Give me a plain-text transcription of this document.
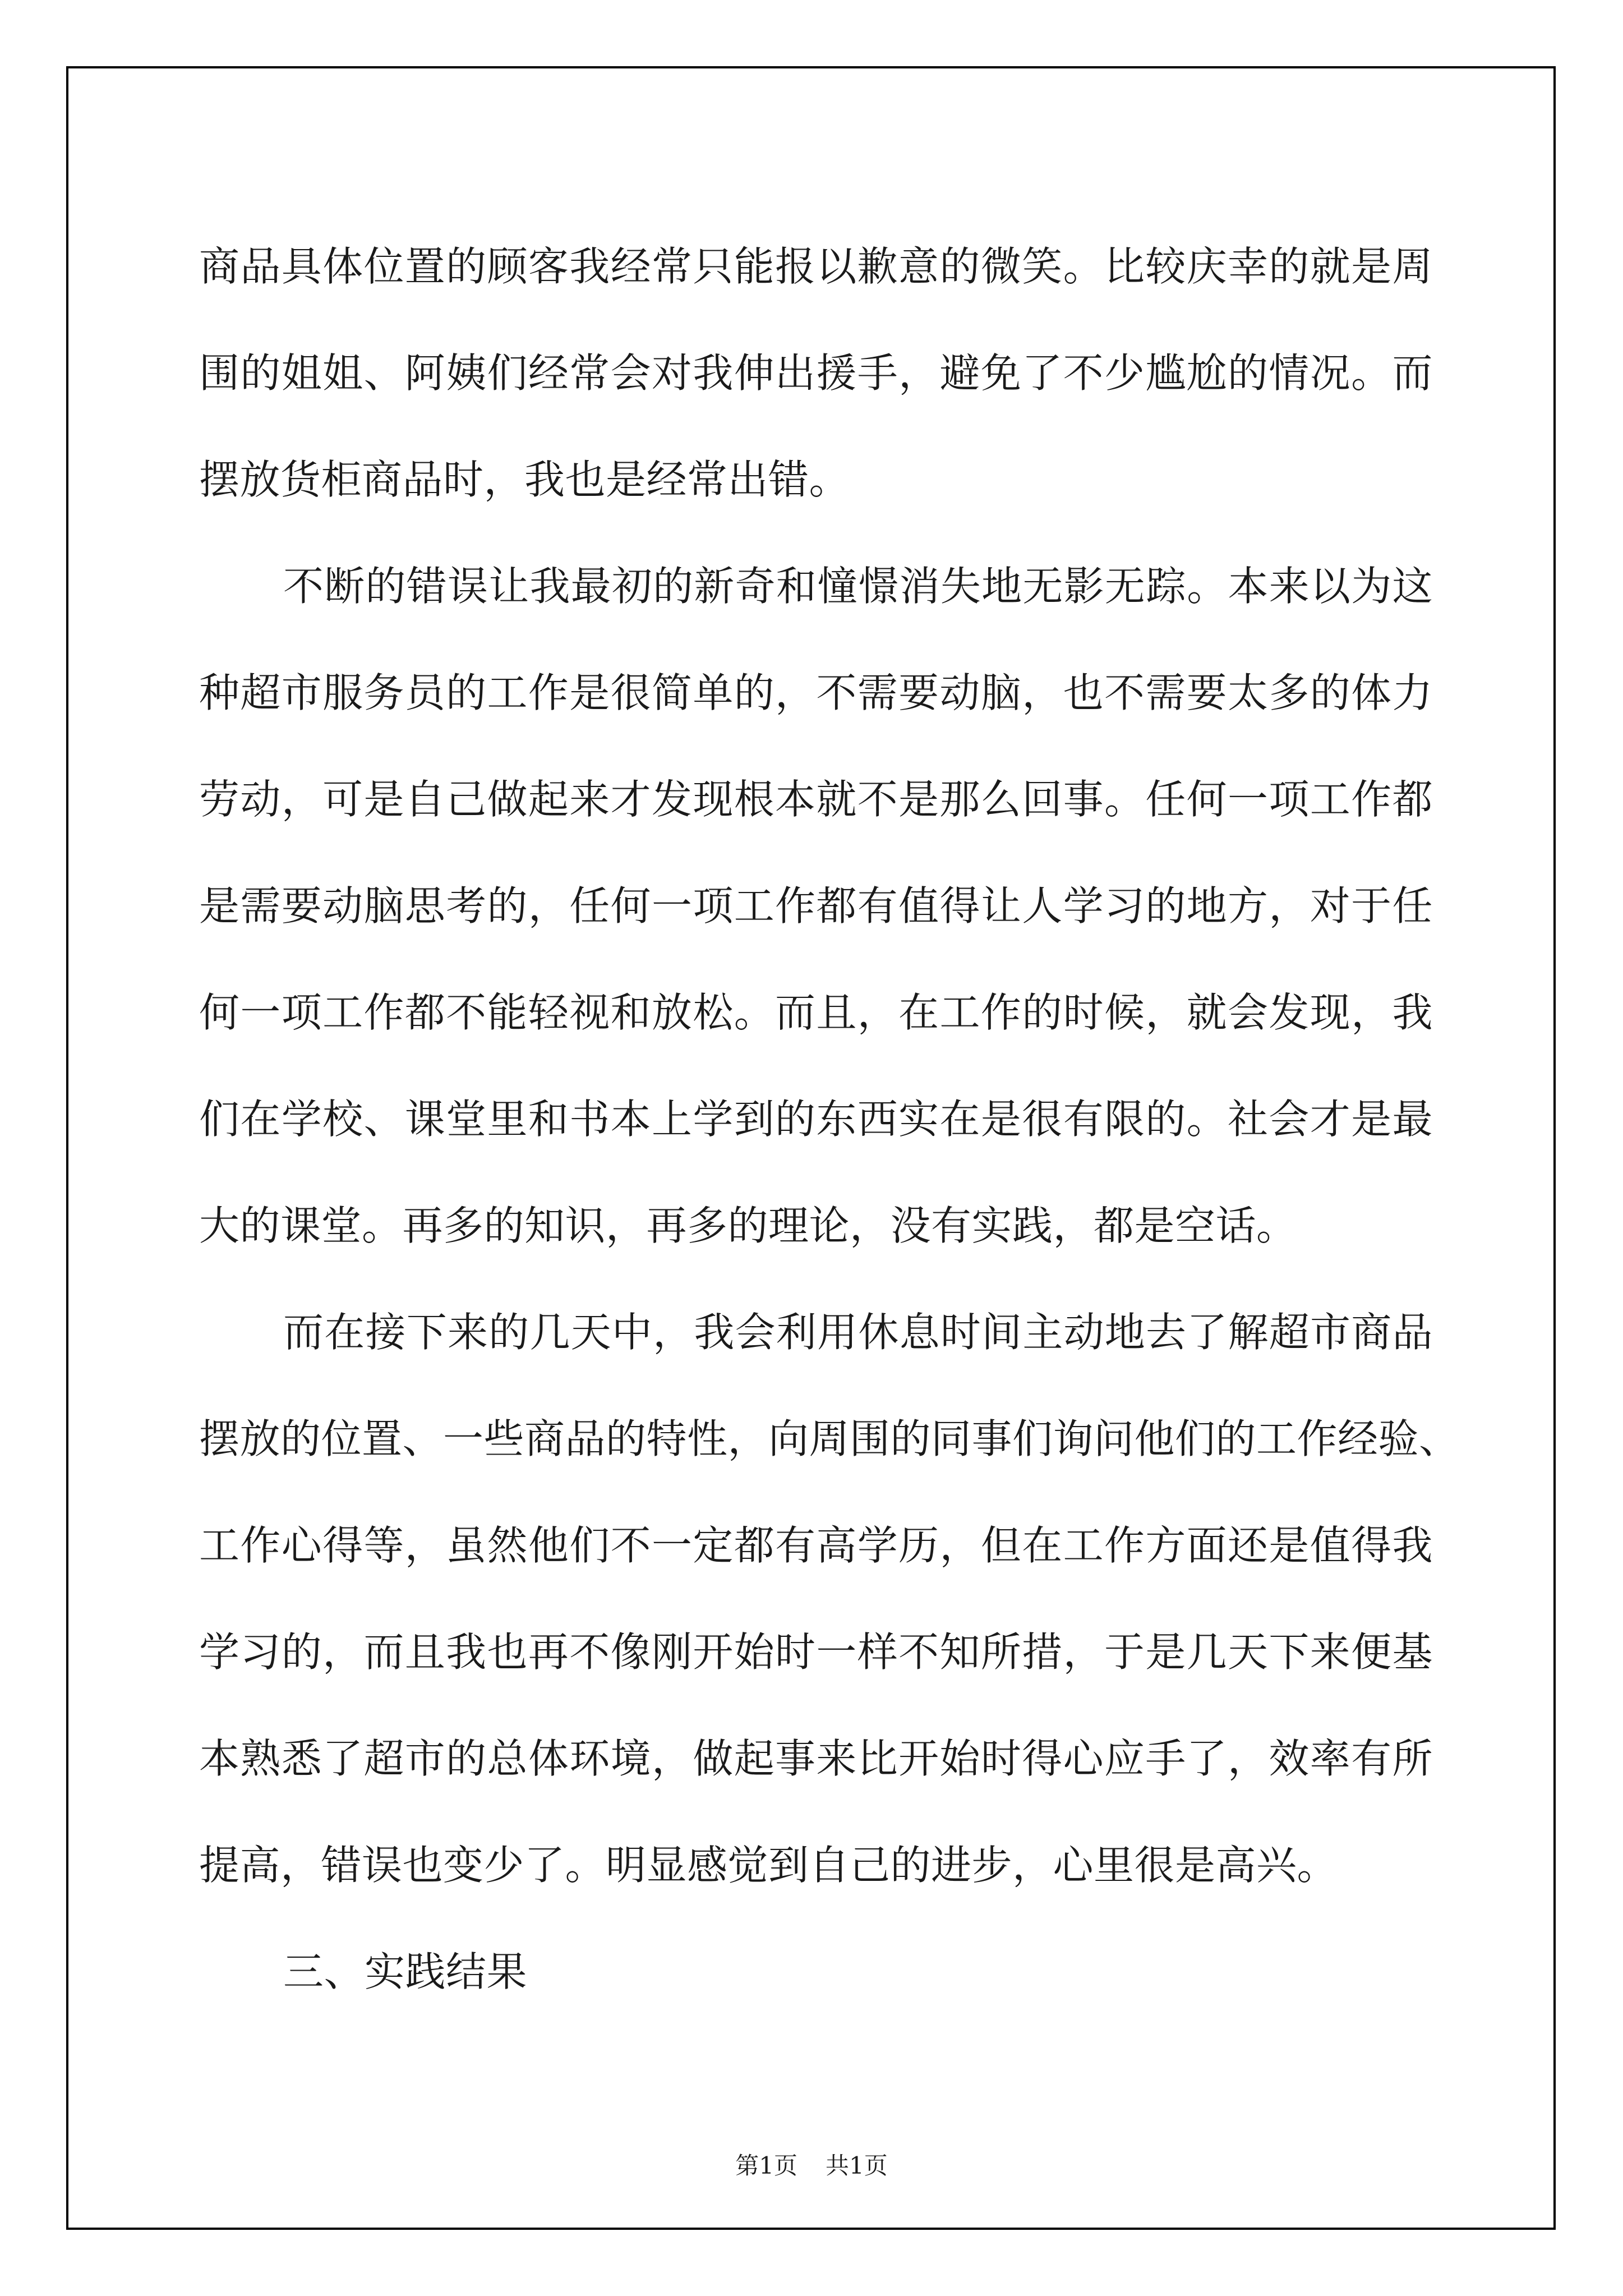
商品具体位置的顾客我经常只能报以歉意的微笑。比较庆幸的就是周
围的姐姐、阿姨们经常会对我伸出援手，避免了不少尴尬的情况。而
摆放货柜商品时，我也是经常出错。
不断的错误让我最初的新奇和憧憬消失地无影无踪。本来以为这
种超市服务员的工作是很简单的，不需要动脑，也不需要太多的体力
劳动，可是自己做起来才发现根本就不是那么回事。任何一项工作都
是需要动脑思考的，任何一项工作都有值得让人学习的地方，对于任
何一项工作都不能轻视和放松。而且，在工作的时候，就会发现，我
们在学校、课堂里和书本上学到的东西实在是很有限的。社会才是最
大的课堂。再多的知识，再多的理论，没有实践，都是空话。
而在接下来的几天中，我会利用休息时间主动地去了解超市商品
摆放的位置、一些商品的特性，向周围的同事们询问他们的工作经验、
工作心得等，虽然他们不一定都有高学历，但在工作方面还是值得我
学习的，而且我也再不像刚开始时一样不知所措，于是几天下来便基
本熟悉了超市的总体环境，做起事来比开始时得心应手了，效率有所
提高，错误也变少了。明显感觉到自己的进步，心里很是高兴。
三、实践结果
第1页 共1页
